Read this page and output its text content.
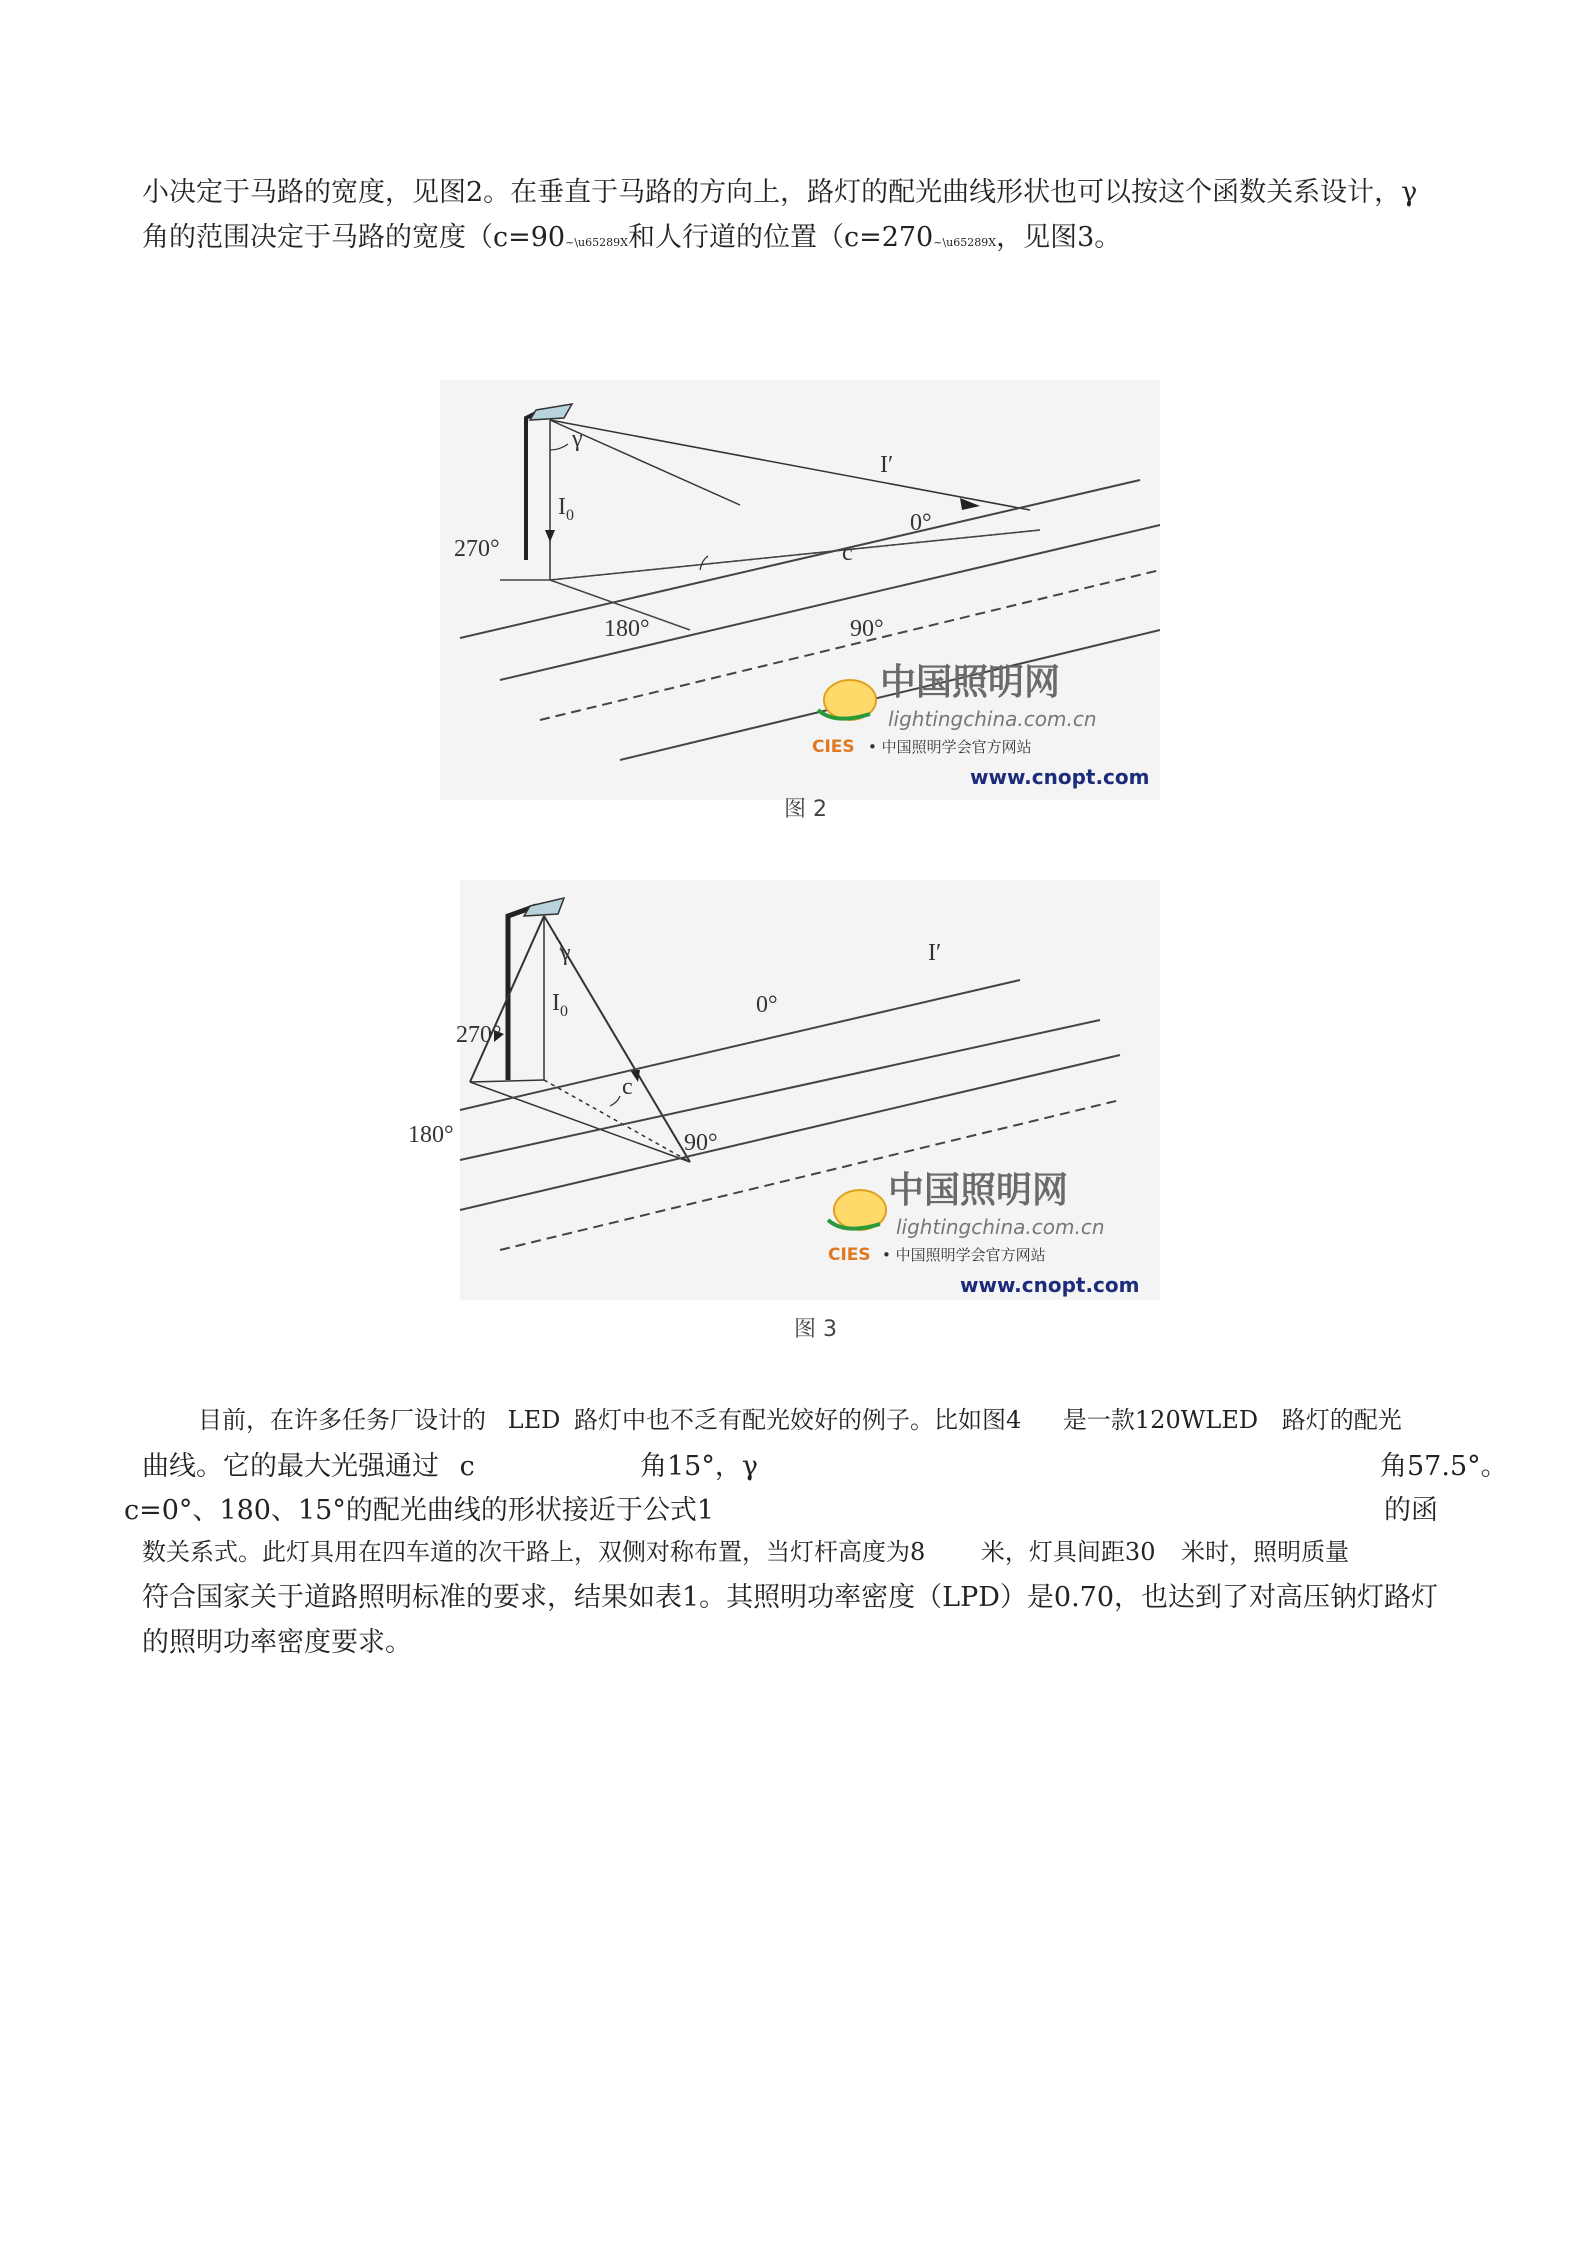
小决定于马路的宽度，见图2。在垂直于马路的方向上，路灯的配光曲线形状也可以按这个函数关系设计，γ
角的范围决定于马路的宽度（c=90~\u65289X和人行道的位置（c=270~\u65289X，见图3。
γ
I′
$I_0$	0°
270°	c
180°	90°
中国照明网
lightingchina.com.cn
CIES • 中国照明学会官方网站
www.cnopt.com
图 2
γ	I′
0°
$I_0$
270°
c
180°	90°
中国照明网
lightingchina.com.cn
CIES • 中国照明学会官方网站
www.cnopt.com
图 3
目前，在许多任务厂设计的 LED 路灯中也不乏有配光姣好的例子。比如图4 是一款120WLED 路灯的配光
曲线。它的最大光强通过 c	角15°，γ	角57.5°。
c=0°、180、15°的配光曲线的形状接近于公式1	的函
数关系式。此灯具用在四车道的次干路上，双侧对称布置，当灯杆高度为8 米，灯具间距30 米时，照明质量
符合国家关于道路照明标准的要求，结果如表1。其照明功率密度（LPD）是0.70，也达到了对高压钠灯路灯
的照明功率密度要求。
